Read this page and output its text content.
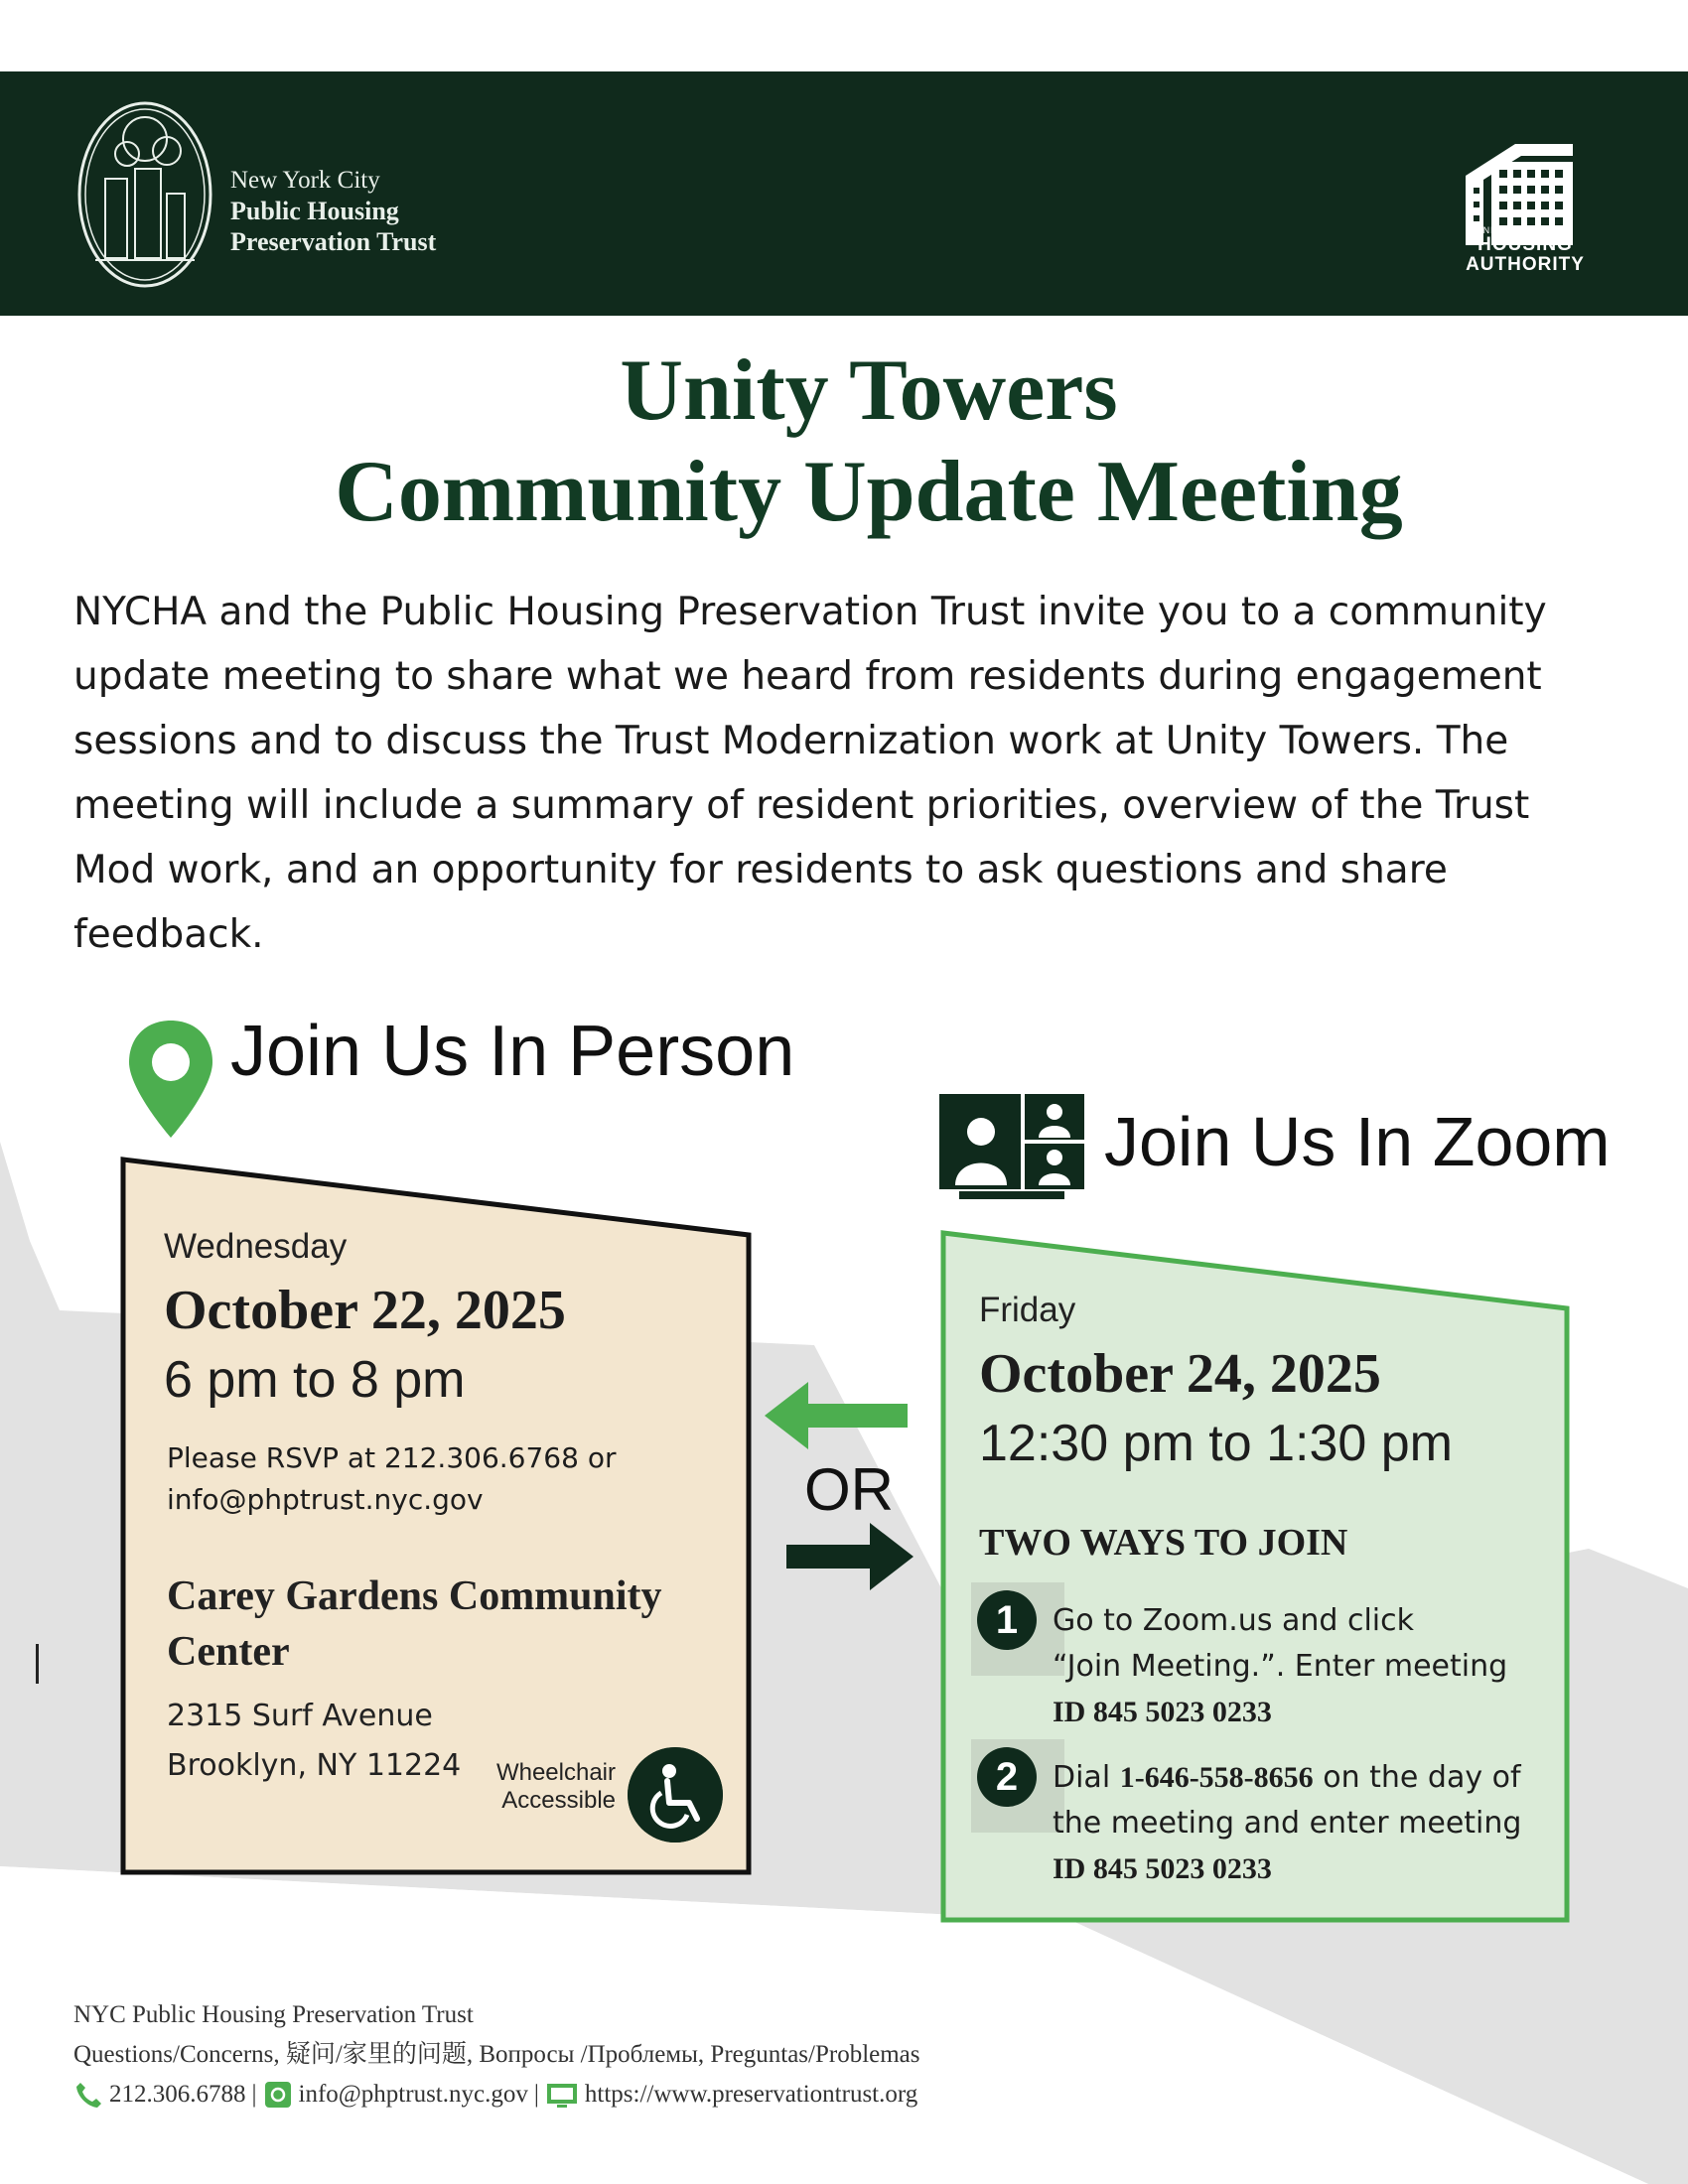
New York City
Public Housing
Preservation Trust	NEW YORK CITY
HOUSING
AUTHORITY
Unity Towers
Community Update Meeting
NYCHA and the Public Housing Preservation Trust invite you to a community update meeting to share what we heard from residents during engagement sessions and to discuss the Trust Modernization work at Unity Towers. The meeting will include a summary of resident priorities, overview of the Trust Mod work, and an opportunity for residents to ask questions and share feedback.
Join Us In Person
Wednesday
October 22, 2025
6 pm to 8 pm
Please RSVP at 212.306.6768 or
info@phptrust.nyc.gov
Carey Gardens Community
Center
2315 Surf Avenue
Brooklyn, NY 11224	Wheelchair
Accessible
OR
Join Us In Zoom
Friday
October 24, 2025
12:30 pm to 1:30 pm
TWO WAYS TO JOIN
1	Go to Zoom.us and click
“Join Meeting.”. Enter meeting
ID 845 5023 0233
2	Dial 1-646-558-8656 on the day of
the meeting and enter meeting
ID 845 5023 0233
NYC Public Housing Preservation Trust
Questions/Concerns, 疑问/家里的问题, Вопросы /Проблемы, Preguntas/Problemas
212.306.6788 | info@phptrust.nyc.gov | https://www.preservationtrust.org
